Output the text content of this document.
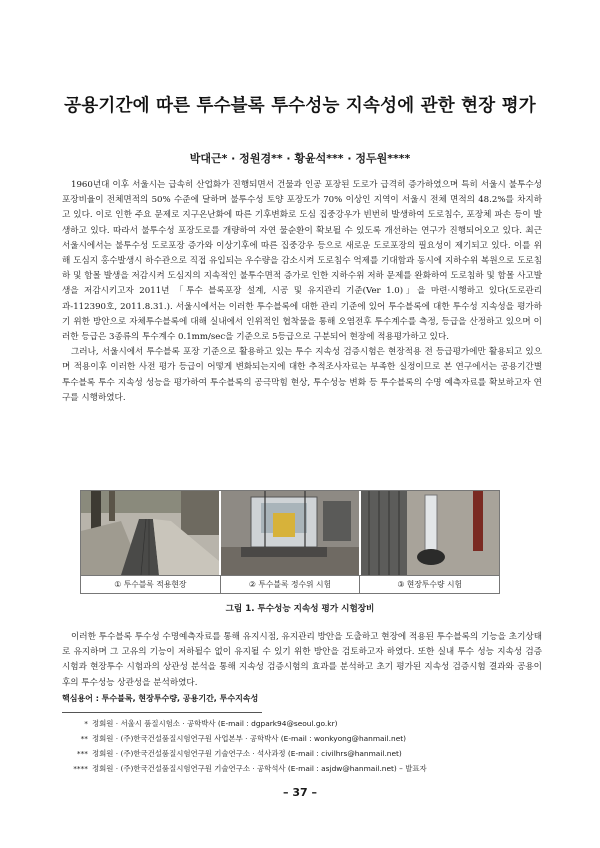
공용기간에 따른 투수블록 투수성능 지속성에 관한 현장 평가
박대근* · 정원경** · 황윤석*** · 정두원****

1960년대 이후 서울시는 급속히 산업화가 진행되면서 건물과 인공 포장된 도로가 급격히 증가하였으며 특히 서울시 불투수성 포장비율이 전체면적의 50% 수준에 달하며 불투수성 토양 포장도가 70% 이상인 지역이 서울시 전체 면적의 48.2%를 차지하고 있다. 이로 인한 주요 문제로 지구온난화에 따른 기후변화로 도심 집중강우가 빈번히 발생하여 도로침수, 포장체 파손 등이 발생하고 있다. 따라서 불투수성 포장도로를 개량하여 자연 물순환이 확보될 수 있도록 개선하는 연구가 진행되어오고 있다. 최근 서울시에서는 불투수성 도로포장 증가와 이상기후에 따른 집중강우 등으로 새로운 도로포장의 필요성이 제기되고 있다. 이를 위해 도심지 홍수발생시 하수관으로 직접 유입되는 우수량을 감소시켜 도로침수 억제를 기대함과 동시에 지하수위 복원으로 도로침하 및 함몰 발생을 저감시켜 도심지의 지속적인 불투수면적 증가로 인한 지하수위 저하 문제를 완화하여 도로침하 및 함몰 사고발생을 저감시키고자 2011년 「투수 블록포장 설계, 시공 및 유지관리 기준(Ver 1.0)」을 마련·시행하고 있다(도로관리과-112390호, 2011.8.31.). 서울시에서는 이러한 투수블록에 대한 관리 기준에 있어 투수블록에 대한 투수성 지속성을 평가하기 위한 방안으로 자체투수블록에 대해 실내에서 인위적인 협착물을 통해 오염전후 투수계수를 측정, 등급을 산정하고 있으며 이러한 등급은 3종류의 투수계수 0.1mm/sec을 기준으로 5등급으로 구분되어 현장에 적용평가하고 있다.

그러나, 서울시에서 투수블록 포장 기준으로 활용하고 있는 투수 지속성 검증시험은 현장적용 전 등급평가에만 활용되고 있으며 적용이후 이러한 사전 평가 등급이 어떻게 변화되는지에 대한 추적조사자료는 부족한 실정이므로 본 연구에서는 공용기간별 투수블록 투수 지속성 성능을 평가하여 투수블록의 공극막힘 현상, 투수성능 변화 등 투수블록의 수명 예측자료를 확보하고자 연구를 시행하였다.

① 투수블록 적용현장	② 투수블록 정수위 시험	③ 현장투수량 시험
그림 1. 투수성능 지속성 평가 시험장비

이러한 투수블록 투수성 수명예측자료를 통해 유지시점, 유지관리 방안을 도출하고 현장에 적용된 투수블록의 기능을 초기상태로 유지하며 그 고유의 기능이 저하될수 없이 유지될 수 있기 위한 방안을 검토하고자 하였다. 또한 실내 투수 성능 지속성 검증 시험과 현장투수 시험과의 상관성 분석을 통해 지속성 검증시험의 효과를 분석하고 초기 평가된 지속성 검증시험 결과와 공용이후의 투수성능 상관성을 분석하였다.

핵심용어 : 투수블록, 현장투수량, 공용기간, 투수지속성
* 정회원 · 서울시 품질시험소 · 공학박사 (E-mail : dgpark94@seoul.go.kr)
** 정회원 · (주)한국건설품질시험연구원 사업본부 · 공학박사 (E-mail : wonkyong@hanmail.net)
*** 정회원 · (주)한국건설품질시험연구원 기술연구소 · 석사과정 (E-mail : civilhrs@hanmail.net)
**** 정회원 · (주)한국건설품질시험연구원 기술연구소 · 공학석사 (E-mail : asjdw@hanmail.net) – 발표자
– 37 –
